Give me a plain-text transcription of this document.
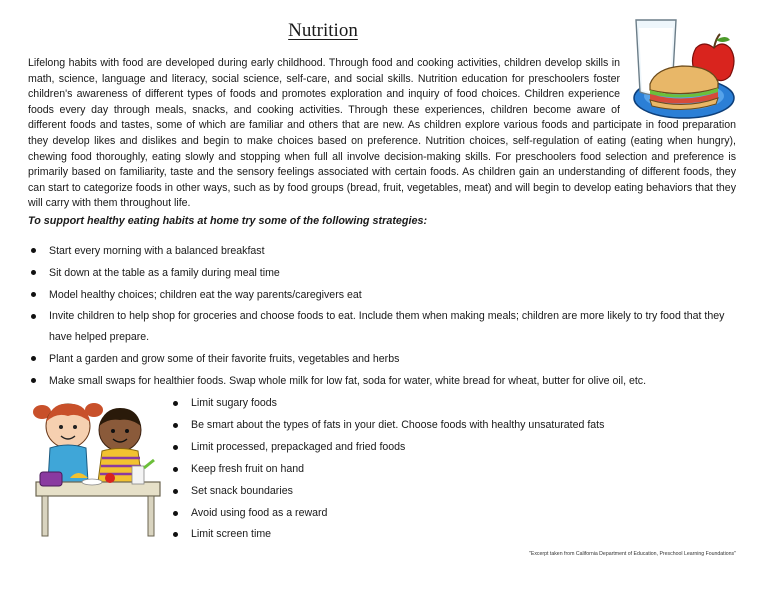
Nutrition
Lifelong habits with food are developed during early childhood. Through food and cooking activities, children develop skills in math, science, language and literacy, social science, self-care, and social skills. Nutrition education for preschoolers foster children's awareness of different types of foods and promotes exploration and inquiry of food choices. Children experience foods every day through meals, snacks, and cooking activities. Through these experiences, children become aware of different foods and tastes, some of which are familiar and others that are new. As children explore various foods and participate in food preparation they develop likes and dislikes and begin to make choices based on preference. Nutrition choices, self-regulation of eating (eating when hungry), chewing food thoroughly, eating slowly and stopping when full all involve decision-making skills. For preschoolers food selection and preference is primarily based on familiarity, taste and the sensory feelings associated with certain foods. As children gain an understanding of different foods, they can start to categorize foods in other ways, such as by food groups (bread, fruit, vegetables, meat) and will begin to develop eating behaviors that they will carry with them throughout life.
To support healthy eating habits at home try some of the following strategies:
Start every morning with a balanced breakfast
Sit down at the table as a family during meal time
Model healthy choices; children eat the way parents/caregivers eat
Invite children to help shop for groceries and choose foods to eat. Include them when making meals; children are more likely to try food that they have helped prepare.
Plant a garden and grow some of their favorite fruits, vegetables and herbs
Make small swaps for healthier foods. Swap whole milk for low fat, soda for water, white bread for wheat, butter for olive oil, etc.
Limit sugary foods
Be smart about the types of fats in your diet. Choose foods with healthy unsaturated fats
Limit processed, prepackaged and fried foods
Keep fresh fruit on hand
Set snack boundaries
Avoid using food as a reward
Limit screen time
"Excerpt taken from California Department of Education, Preschool Learning Foundations"
